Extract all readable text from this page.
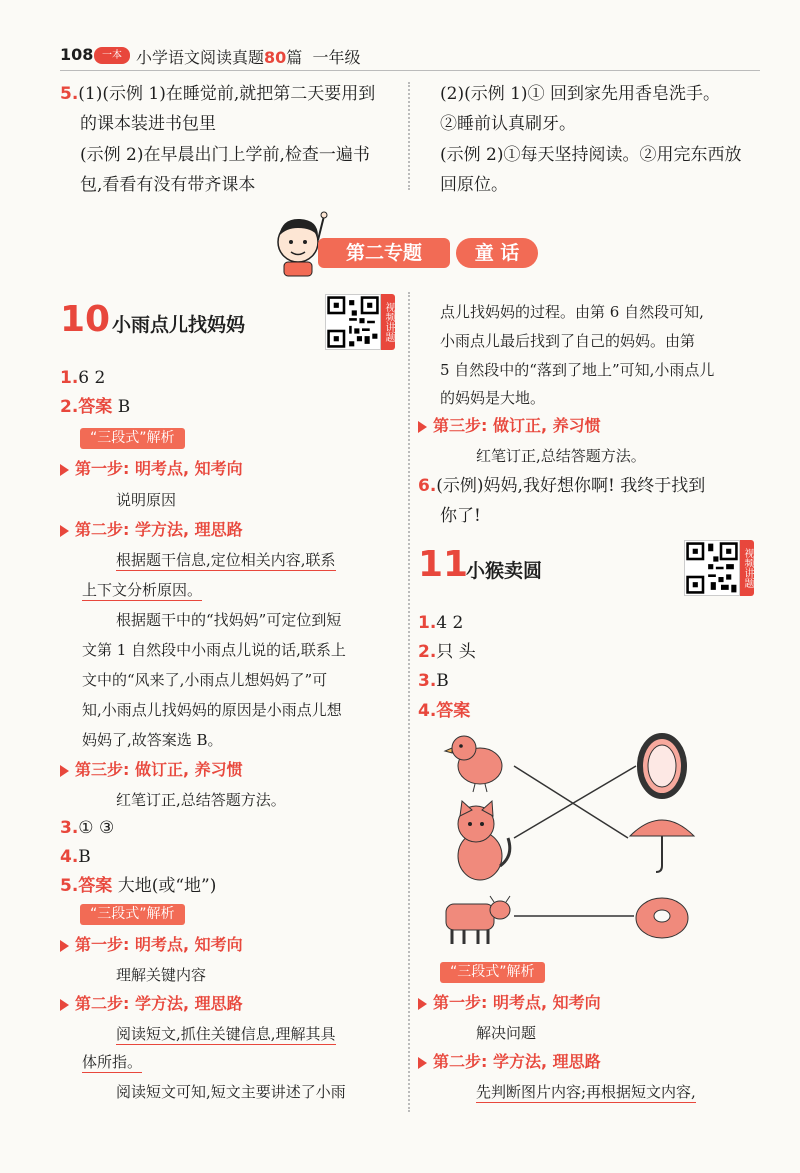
108 一本 小学语文阅读真题80篇 一年级
5.(1)(示例 1)在睡觉前,就把第二天要用到
的课本装进书包里
(示例 2)在早晨出门上学前,检查一遍书
包,看看有没有带齐课本
(2)(示例 1)① 回到家先用香皂洗手。
②睡前认真刷牙。
(示例 2)①每天坚持阅读。②用完东西放
回原位。
第二专题	童 话
10 小雨点儿找妈妈	视频讲题
1.6 2
2.答案 B
“三段式”解析
第一步: 明考点, 知考向
说明原因
第二步: 学方法, 理思路
根据题干信息,定位相关内容,联系
上下文分析原因。
根据题干中的“找妈妈”可定位到短
文第 1 自然段中小雨点儿说的话,联系上
文中的“风来了,小雨点儿想妈妈了”可
知,小雨点儿找妈妈的原因是小雨点儿想
妈妈了,故答案选 B。
第三步: 做订正, 养习惯
红笔订正,总结答题方法。
3.① ③
4.B
5.答案 大地(或“地”)
“三段式”解析
第一步: 明考点, 知考向
理解关键内容
第二步: 学方法, 理思路
阅读短文,抓住关键信息,理解其具
体所指。
阅读短文可知,短文主要讲述了小雨
点儿找妈妈的过程。由第 6 自然段可知,
小雨点儿最后找到了自己的妈妈。由第
5 自然段中的“落到了地上”可知,小雨点儿
的妈妈是大地。
第三步: 做订正, 养习惯
红笔订正,总结答题方法。
6.(示例)妈妈,我好想你啊! 我终于找到
你了!
11
小猴卖圆	视频讲题
1.4 2
2.只 头
3.B
4.答案
“三段式”解析
第一步: 明考点, 知考向
解决问题
第二步: 学方法, 理思路
先判断图片内容;再根据短文内容,
